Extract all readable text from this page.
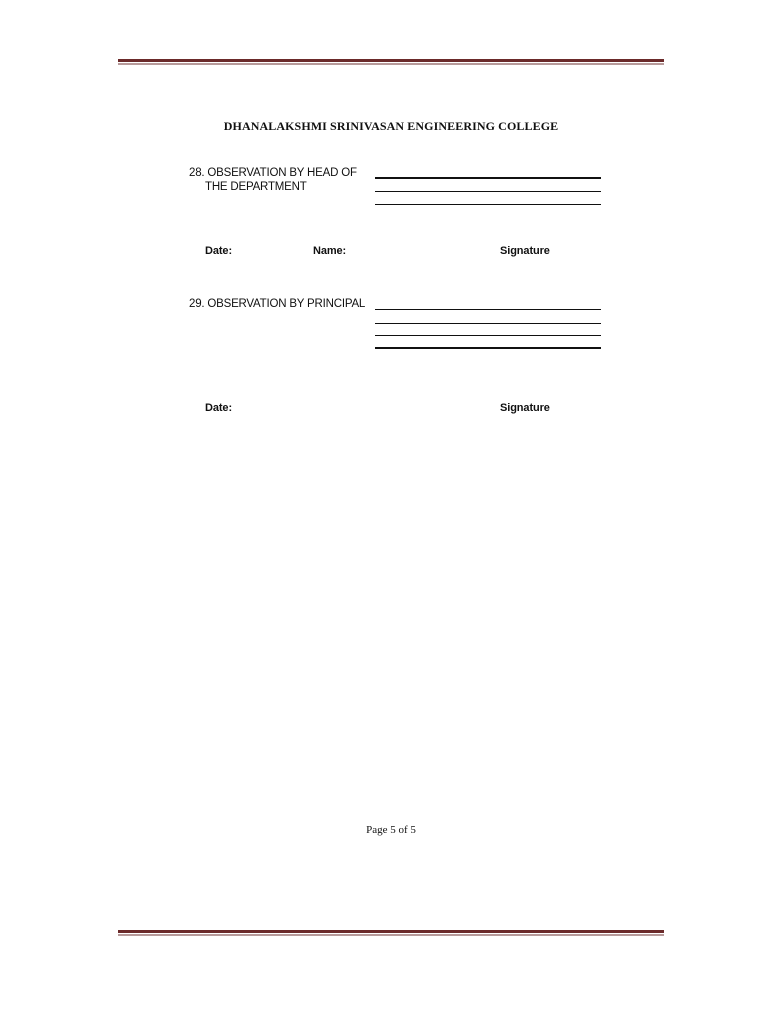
DHANALAKSHMI SRINIVASAN ENGINEERING COLLEGE
28. OBSERVATION BY HEAD OF
THE DEPARTMENT
Date:	Name:	Signature
29. OBSERVATION BY PRINCIPAL
Date:	Signature
Page 5 of 5
